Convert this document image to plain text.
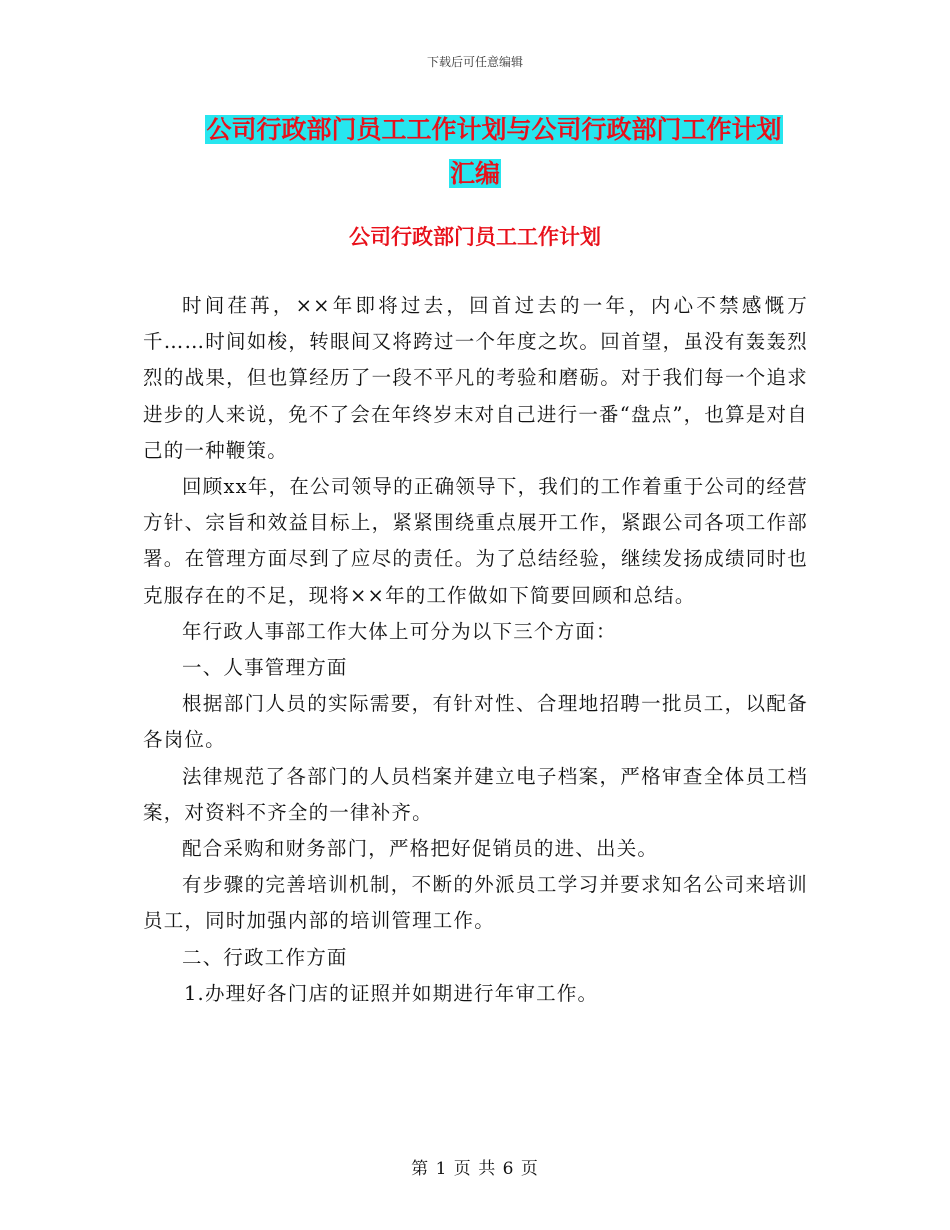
下载后可任意编辑
公司行政部门员工工作计划与公司行政部门工作计划
汇编
公司行政部门员工工作计划

时间荏苒，××年即将过去，回首过去的一年，内心不禁感慨万千……时间如梭，转眼间又将跨过一个年度之坎。回首望，虽没有轰轰烈烈的战果，但也算经历了一段不平凡的考验和磨砺。对于我们每一个追求进步的人来说，免不了会在年终岁末对自己进行一番“盘点”，也算是对自己的一种鞭策。

回顾xx年，在公司领导的正确领导下，我们的工作着重于公司的经营方针、宗旨和效益目标上，紧紧围绕重点展开工作，紧跟公司各项工作部署。在管理方面尽到了应尽的责任。为了总结经验，继续发扬成绩同时也克服存在的不足，现将××年的工作做如下简要回顾和总结。

年行政人事部工作大体上可分为以下三个方面：

一、人事管理方面

根据部门人员的实际需要，有针对性、合理地招聘一批员工，以配备各岗位。

法律规范了各部门的人员档案并建立电子档案，严格审查全体员工档案，对资料不齐全的一律补齐。

配合采购和财务部门，严格把好促销员的进、出关。

有步骤的完善培训机制，不断的外派员工学习并要求知名公司来培训员工，同时加强内部的培训管理工作。

二、行政工作方面

1.办理好各门店的证照并如期进行年审工作。

第 1 页 共 6 页
